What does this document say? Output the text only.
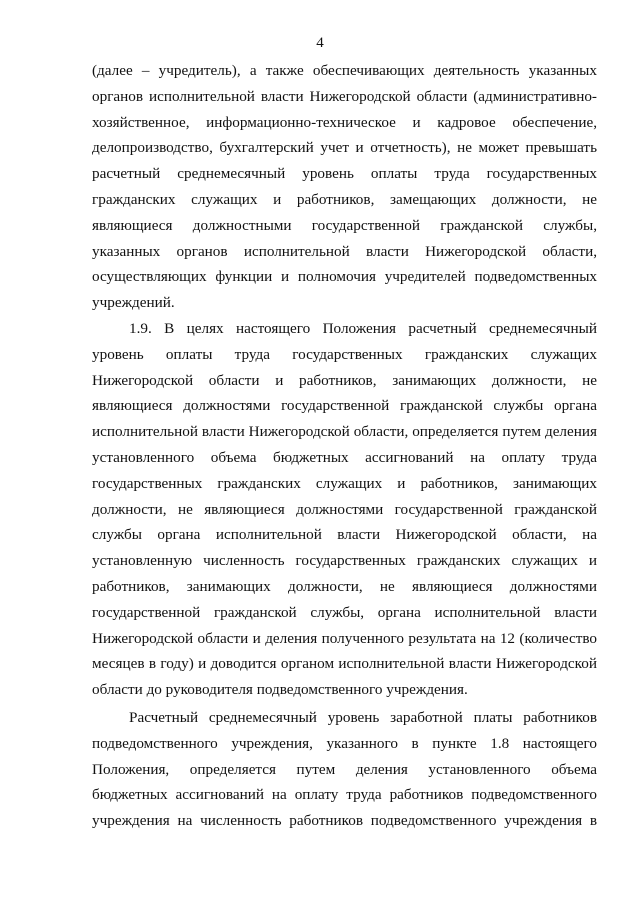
4
(далее – учредитель), а также обеспечивающих деятельность указанных
органов исполнительной власти Нижегородской области (административно-
хозяйственное, информационно-техническое и кадровое обеспечение,
делопроизводство, бухгалтерский учет и отчетность), не может превышать
расчетный среднемесячный уровень оплаты труда государственных
гражданских служащих и работников, замещающих должности, не
являющиеся должностными государственной гражданской службы,
указанных органов исполнительной власти Нижегородской области,
осуществляющих функции и полномочия учредителей подведомственных
учреждений.
1.9. В целях настоящего Положения расчетный среднемесячный
уровень оплаты труда государственных гражданских служащих
Нижегородской области и работников, занимающих должности, не
являющиеся должностями государственной гражданской службы органа
исполнительной власти Нижегородской области, определяется путем деления
установленного объема бюджетных ассигнований на оплату труда
государственных гражданских служащих и работников, занимающих
должности, не являющиеся должностями государственной гражданской
службы органа исполнительной власти Нижегородской области, на
установленную численность государственных гражданских служащих и
работников, занимающих должности, не являющиеся должностями
государственной гражданской службы, органа исполнительной власти
Нижегородской области и деления полученного результата на 12 (количество
месяцев в году) и доводится органом исполнительной власти Нижегородской
области до руководителя подведомственного учреждения.
Расчетный среднемесячный уровень заработной платы работников
подведомственного учреждения, указанного в пункте 1.8 настоящего
Положения, определяется путем деления установленного объема
бюджетных ассигнований на оплату труда работников подведомственного
учреждения на численность работников подведомственного учреждения в
